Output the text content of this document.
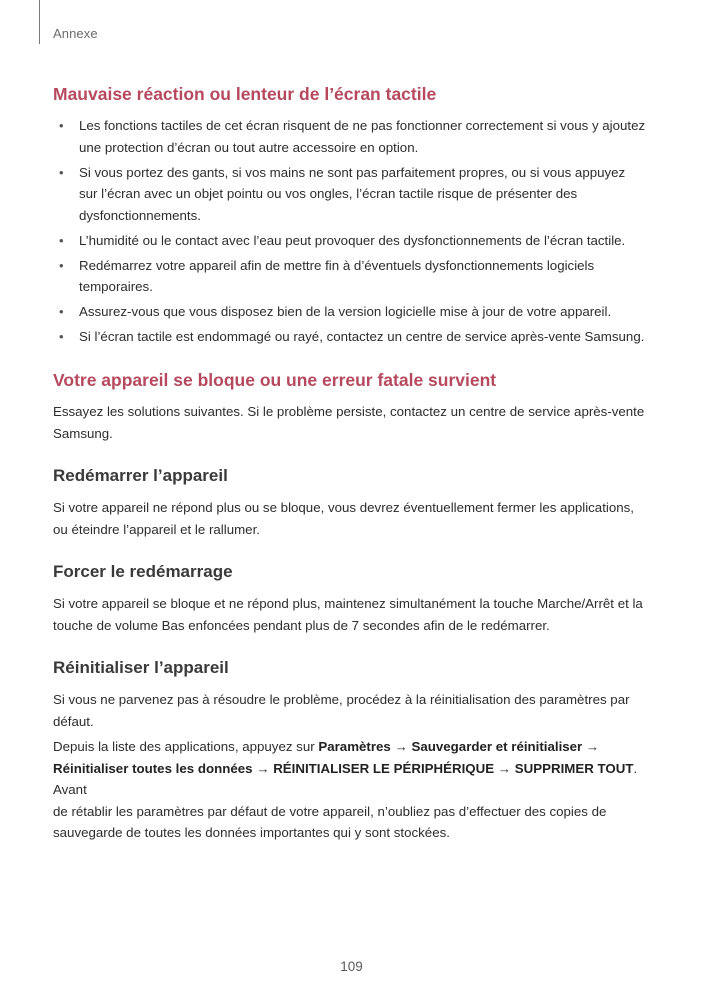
Annexe
Mauvaise réaction ou lenteur de l’écran tactile
• Les fonctions tactiles de cet écran risquent de ne pas fonctionner correctement si vous y ajoutez
une protection d’écran ou tout autre accessoire en option.
• Si vous portez des gants, si vos mains ne sont pas parfaitement propres, ou si vous appuyez
sur l’écran avec un objet pointu ou vos ongles, l’écran tactile risque de présenter des
dysfonctionnements.
• L’humidité ou le contact avec l’eau peut provoquer des dysfonctionnements de l’écran tactile.
• Redémarrez votre appareil afin de mettre fin à d’éventuels dysfonctionnements logiciels
temporaires.
• Assurez-vous que vous disposez bien de la version logicielle mise à jour de votre appareil.
• Si l’écran tactile est endommagé ou rayé, contactez un centre de service après-vente Samsung.
Votre appareil se bloque ou une erreur fatale survient

Essayez les solutions suivantes. Si le problème persiste, contactez un centre de service après-vente
Samsung.

Redémarrer l’appareil

Si votre appareil ne répond plus ou se bloque, vous devrez éventuellement fermer les applications,
ou éteindre l’appareil et le rallumer.

Forcer le redémarrage

Si votre appareil se bloque et ne répond plus, maintenez simultanément la touche Marche/Arrêt et la
touche de volume Bas enfoncées pendant plus de 7 secondes afin de le redémarrer.

Réinitialiser l’appareil

Si vous ne parvenez pas à résoudre le problème, procédez à la réinitialisation des paramètres par
défaut.

Depuis la liste des applications, appuyez sur Paramètres → Sauvegarder et réinitialiser →
Réinitialiser toutes les données → RÉINITIALISER LE PÉRIPHÉRIQUE → SUPPRIMER TOUT. Avant
de rétablir les paramètres par défaut de votre appareil, n’oubliez pas d’effectuer des copies de
sauvegarde de toutes les données importantes qui y sont stockées.

109
